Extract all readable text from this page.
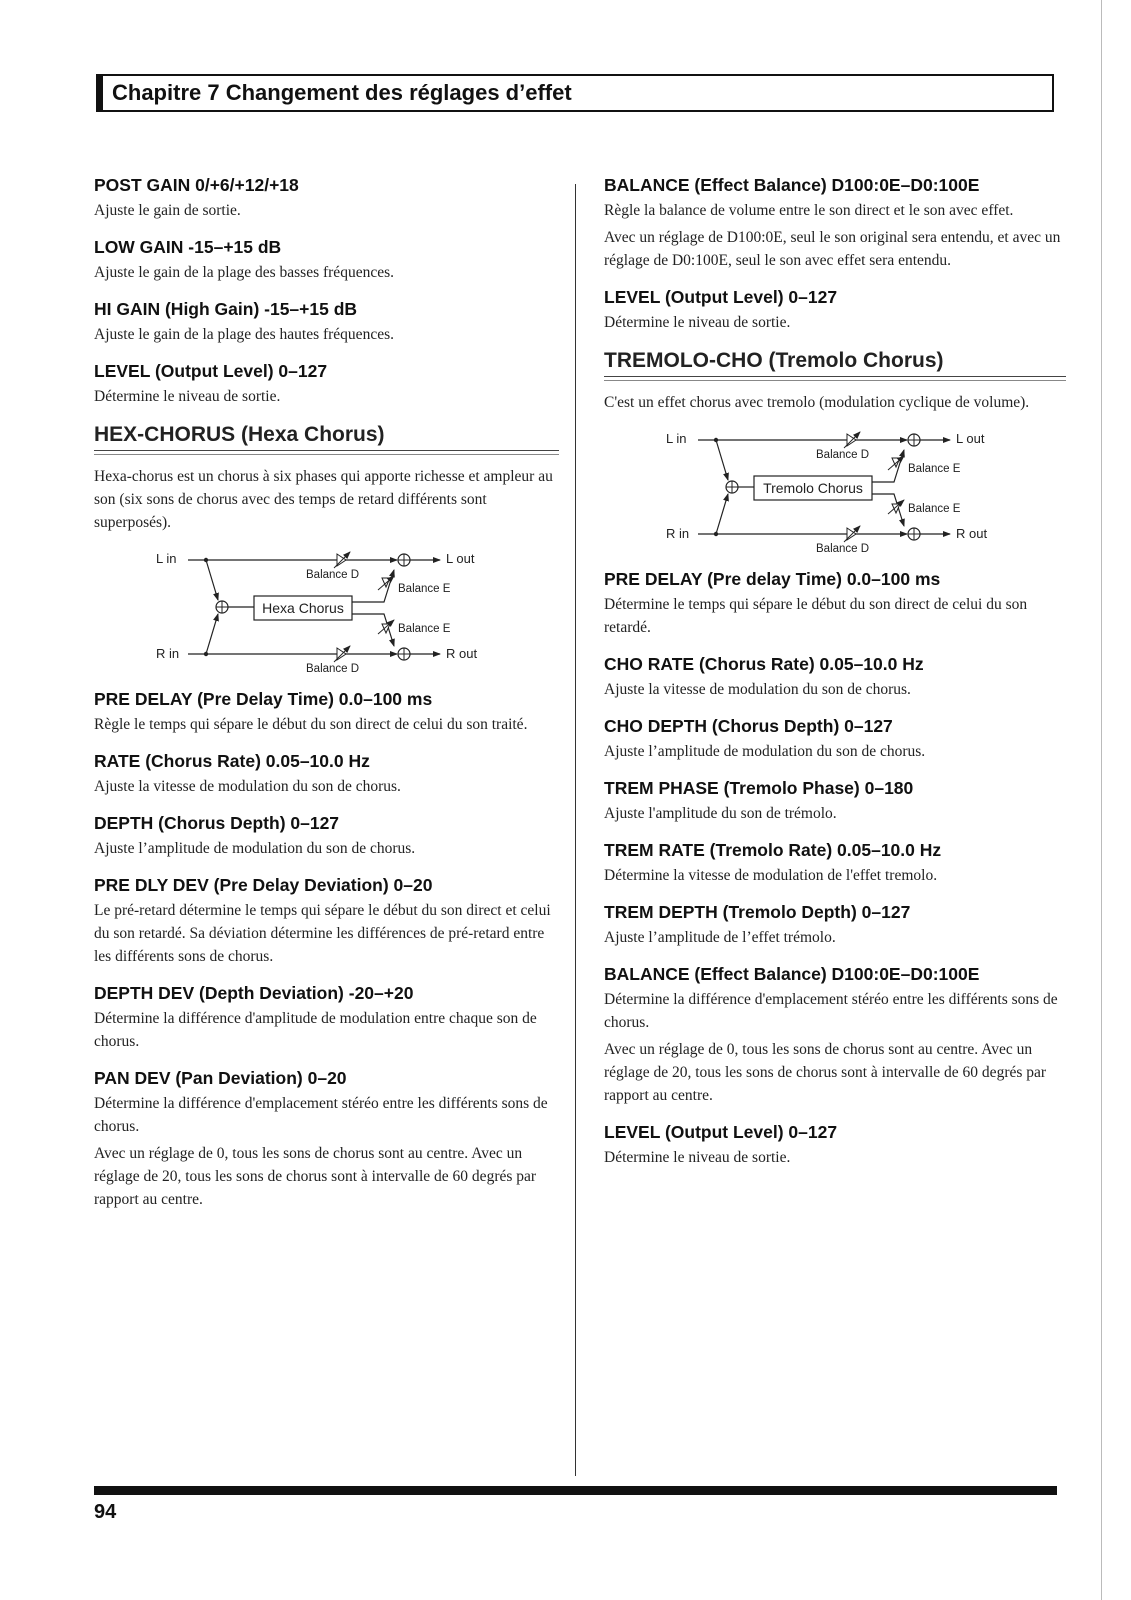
Chapitre 7 Changement des réglages d’effet
POST GAIN 0/+6/+12/+18

Ajuste le gain de sortie.

LOW GAIN -15–+15 dB

Ajuste le gain de la plage des basses fréquences.

HI GAIN (High Gain) -15–+15 dB

Ajuste le gain de la plage des hautes fréquences.

LEVEL (Output Level) 0–127

Détermine le niveau de sortie.

HEX-CHORUS (Hexa Chorus)

Hexa-chorus est un chorus à six phases qui apporte richesse et ampleur au son (six sons de chorus avec des temps de retard différents sont superposés).

L in
R in
L out
R out
Hexa Chorus
Balance D
Balance D
Balance E
Balance E
PRE DELAY (Pre Delay Time) 0.0–100 ms

Règle le temps qui sépare le début du son direct de celui du son traité.

RATE (Chorus Rate) 0.05–10.0 Hz

Ajuste la vitesse de modulation du son de chorus.

DEPTH (Chorus Depth) 0–127

Ajuste l’amplitude de modulation du son de chorus.

PRE DLY DEV (Pre Delay Deviation) 0–20

Le pré-retard détermine le temps qui sépare le début du son direct et celui du son retardé. Sa déviation détermine les différences de pré-retard entre les différents sons de chorus.

DEPTH DEV (Depth Deviation) -20–+20

Détermine la différence d'amplitude de modulation entre chaque son de chorus.

PAN DEV (Pan Deviation) 0–20

Détermine la différence d'emplacement stéréo entre les différents sons de chorus.

Avec un réglage de 0, tous les sons de chorus sont au centre. Avec un réglage de 20, tous les sons de chorus sont à intervalle de 60 degrés par rapport au centre.

BALANCE (Effect Balance) D100:0E–D0:100E

Règle la balance de volume entre le son direct et le son avec effet.

Avec un réglage de D100:0E, seul le son original sera entendu, et avec un réglage de D0:100E, seul le son avec effet sera entendu.

LEVEL (Output Level) 0–127

Détermine le niveau de sortie.

TREMOLO-CHO (Tremolo Chorus)

C'est un effet chorus avec tremolo (modulation cyclique de volume).

L in
R in
L out
R out
Tremolo Chorus
Balance D
Balance D
Balance E
Balance E
PRE DELAY (Pre delay Time) 0.0–100 ms

Détermine le temps qui sépare le début du son direct de celui du son retardé.

CHO RATE (Chorus Rate) 0.05–10.0 Hz

Ajuste la vitesse de modulation du son de chorus.

CHO DEPTH (Chorus Depth) 0–127

Ajuste l’amplitude de modulation du son de chorus.

TREM PHASE (Tremolo Phase) 0–180

Ajuste l'amplitude du son de trémolo.

TREM RATE (Tremolo Rate) 0.05–10.0 Hz

Détermine la vitesse de modulation de l'effet tremolo.

TREM DEPTH (Tremolo Depth) 0–127

Ajuste l’amplitude de l’effet trémolo.

BALANCE (Effect Balance) D100:0E–D0:100E

Détermine la différence d'emplacement stéréo entre les différents sons de chorus.

Avec un réglage de 0, tous les sons de chorus sont au centre. Avec un réglage de 20, tous les sons de chorus sont à intervalle de 60 degrés par rapport au centre.

LEVEL (Output Level) 0–127

Détermine le niveau de sortie.

94
